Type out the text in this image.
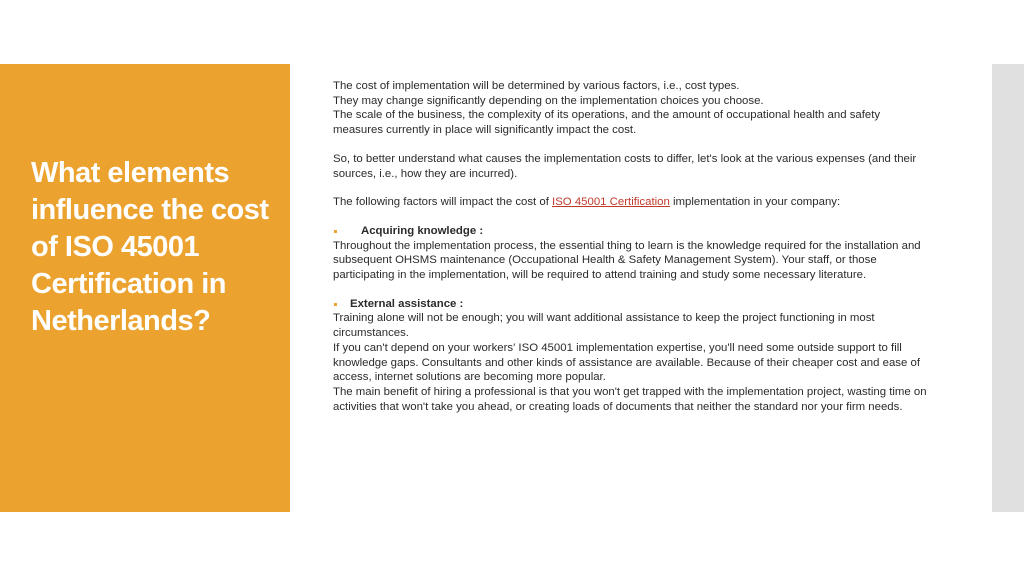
What elements influence the cost of ISO 45001 Certification in Netherlands?

The cost of implementation will be determined by various factors, i.e., cost types.

They may change significantly depending on the implementation choices you choose.

The scale of the business, the complexity of its operations, and the amount of occupational health and safety measures currently in place will significantly impact the cost.

So, to better understand what causes the implementation costs to differ, let's look at the various expenses (and their sources, i.e., how they are incurred).

The following factors will impact the cost of ISO 45001 Certification implementation in your company:

Acquiring knowledge :

Throughout the implementation process, the essential thing to learn is the knowledge required for the installation and subsequent OHSMS maintenance (Occupational Health & Safety Management System). Your staff, or those participating in the implementation, will be required to attend training and study some necessary literature.

External assistance :

Training alone will not be enough; you will want additional assistance to keep the project functioning in most circumstances.

If you can't depend on your workers' ISO 45001 implementation expertise, you'll need some outside support to fill knowledge gaps. Consultants and other kinds of assistance are available. Because of their cheaper cost and ease of access, internet solutions are becoming more popular.

The main benefit of hiring a professional is that you won't get trapped with the implementation project, wasting time on activities that won't take you ahead, or creating loads of documents that neither the standard nor your firm needs.
